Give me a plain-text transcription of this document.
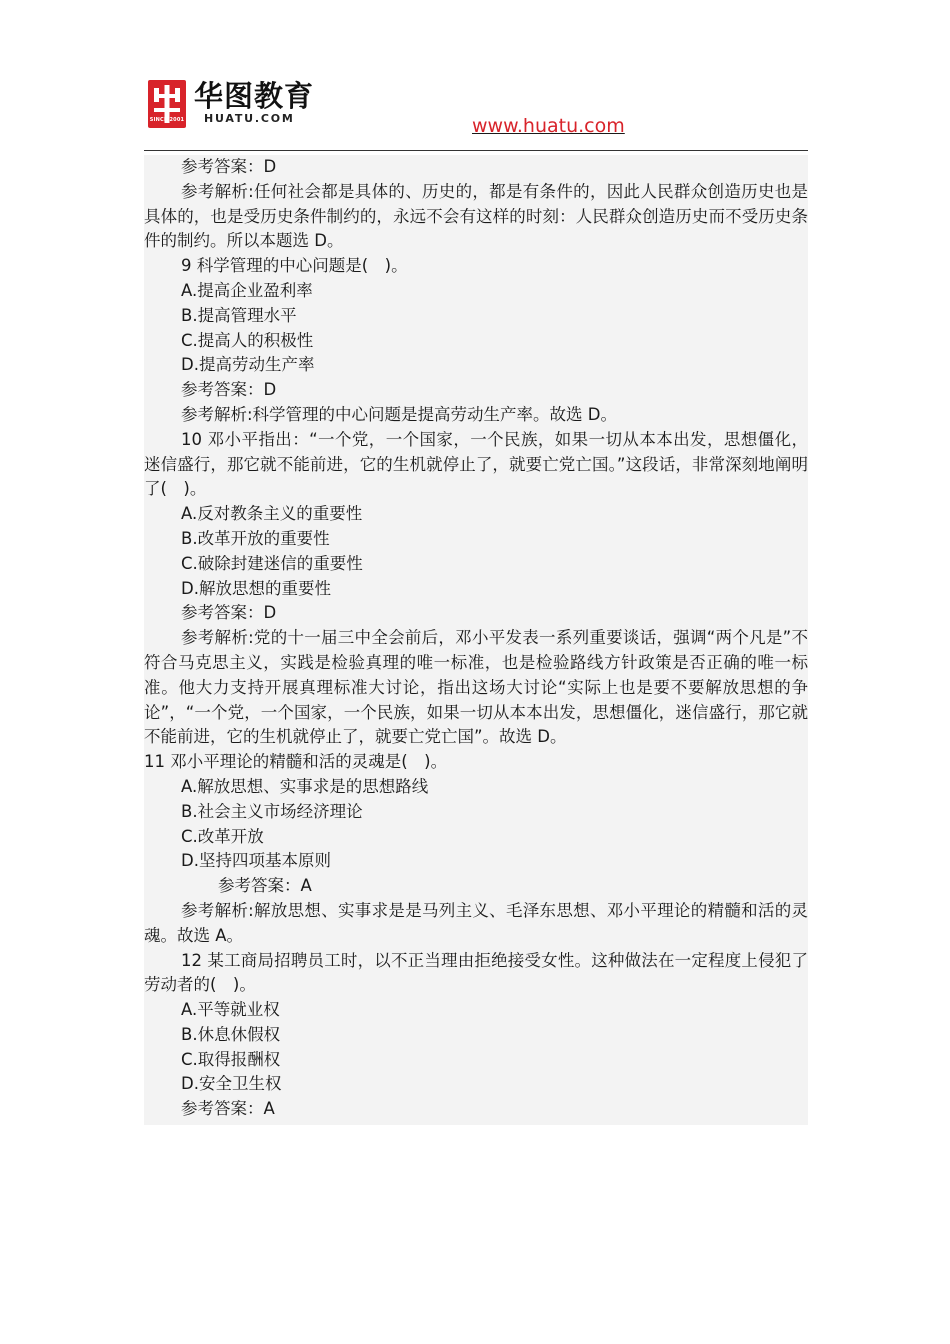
SINCE 2001
华图教育
HUATU.COM	www.huatu.com

参考答案：D

参考解析:任何社会都是具体的、历史的，都是有条件的，因此人民群众创造历史也是具体的，也是受历史条件制约的，永远不会有这样的时刻：人民群众创造历史而不受历史条件的制约。所以本题选 D。

9 科学管理的中心问题是(　)。

A.提高企业盈利率

B.提高管理水平

C.提高人的积极性

D.提高劳动生产率

参考答案：D

参考解析:科学管理的中心问题是提高劳动生产率。故选 D。

10 邓小平指出：“一个党，一个国家，一个民族，如果一切从本本出发，思想僵化，迷信盛行，那它就不能前进，它的生机就停止了，就要亡党亡国。”这段话，非常深刻地阐明了(　)。

A.反对教条主义的重要性

B.改革开放的重要性

C.破除封建迷信的重要性

D.解放思想的重要性

参考答案：D

参考解析:党的十一届三中全会前后，邓小平发表一系列重要谈话，强调“两个凡是”不符合马克思主义，实践是检验真理的唯一标准，也是检验路线方针政策是否正确的唯一标准。他大力支持开展真理标准大讨论，指出这场大讨论“实际上也是要不要解放思想的争论”，“一个党，一个国家，一个民族，如果一切从本本出发，思想僵化，迷信盛行，那它就不能前进，它的生机就停止了，就要亡党亡国”。故选 D。

11 邓小平理论的精髓和活的灵魂是(　)。

A.解放思想、实事求是的思想路线

B.社会主义市场经济理论

C.改革开放

D.坚持四项基本原则

参考答案：A

参考解析:解放思想、实事求是是马列主义、毛泽东思想、邓小平理论的精髓和活的灵魂。故选 A。

12 某工商局招聘员工时，以不正当理由拒绝接受女性。这种做法在一定程度上侵犯了劳动者的(　)。

A.平等就业权

B.休息休假权

C.取得报酬权

D.安全卫生权

参考答案：A
